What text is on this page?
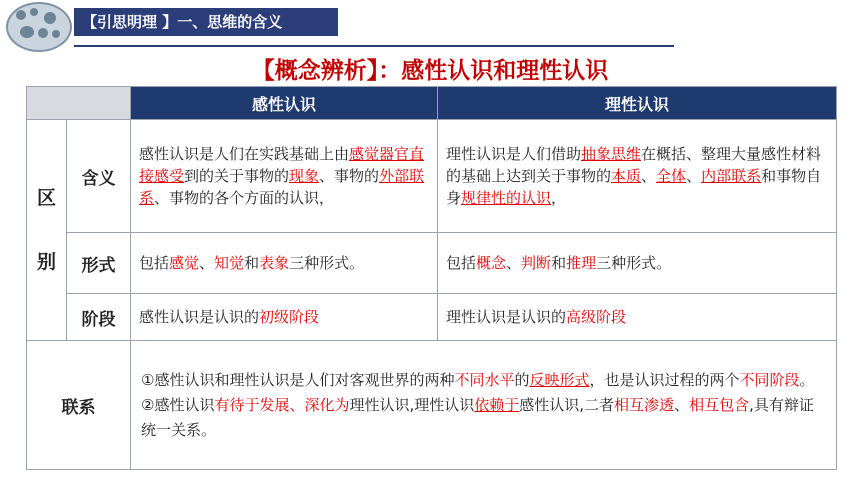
【引思明理 】一、思维的含义
【概念辨析】：感性认识和理性认识
		感性认识	理性认识
区
别	含义	感性认识是人们在实践基础上由感觉器官直接感受到的关于事物的现象、事物的外部联系、事物的各个方面的认识，	理性认识是人们借助抽象思维在概括、整理大量感性材料的基础上达到关于事物的本质、全体、内部联系和事物自身规律性的认识，
	形式	包括感觉、知觉和表象三种形式。	包括概念、判断和推理三种形式。
	阶段	感性认识是认识的初级阶段	理性认识是认识的高级阶段
联系		①感性认识和理性认识是人们对客观世界的两种不同水平的反映形式，也是认识过程的两个不同阶段。
②感性认识有待于发展、深化为理性认识,理性认识依赖于感性认识,二者相互渗透、相互包含,具有辩证统一关系。	
